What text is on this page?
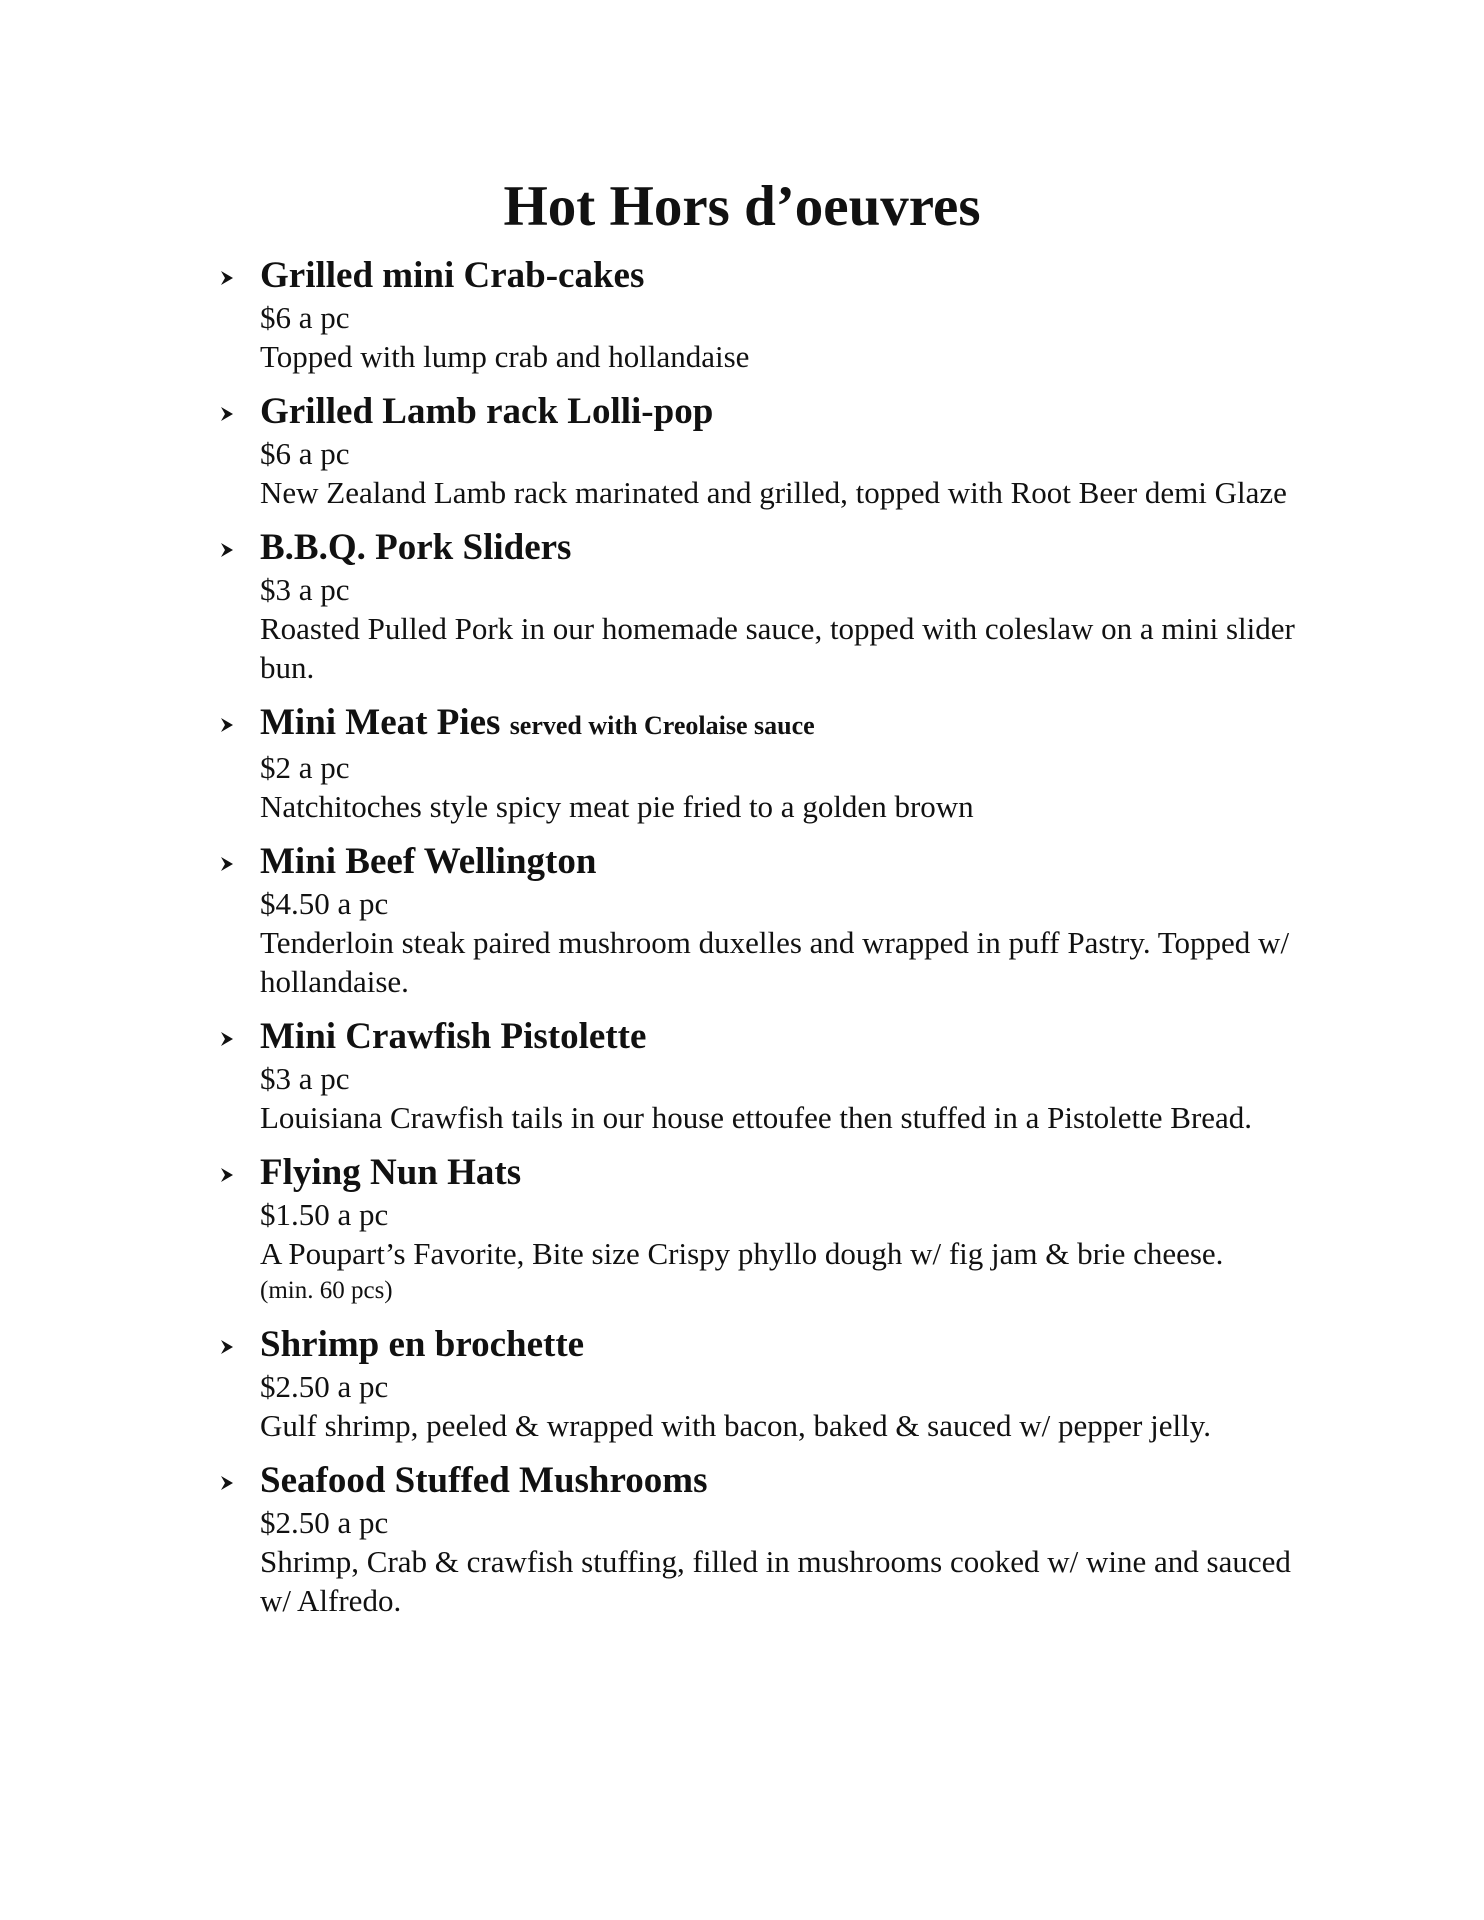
Hot Hors d’oeuvres

Grilled mini Crab-cakes

$6 a pc

Topped with lump crab and hollandaise

Grilled Lamb rack Lolli-pop

$6 a pc

New Zealand Lamb rack marinated and grilled, topped with Root Beer demi Glaze

B.B.Q. Pork Sliders

$3 a pc

Roasted Pulled Pork in our homemade sauce, topped with coleslaw on a mini slider bun.

Mini Meat Pies served with Creolaise sauce

$2 a pc

Natchitoches style spicy meat pie fried to a golden brown

Mini Beef Wellington

$4.50 a pc

Tenderloin steak paired mushroom duxelles and wrapped in puff Pastry. Topped w/ hollandaise.

Mini Crawfish Pistolette

$3 a pc

Louisiana Crawfish tails in our house ettoufee then stuffed in a Pistolette Bread.

Flying Nun Hats

$1.50 a pc

A Poupart’s Favorite, Bite size Crispy phyllo dough w/ fig jam & brie cheese.

(min. 60 pcs)

Shrimp en brochette

$2.50 a pc

Gulf shrimp, peeled & wrapped with bacon, baked & sauced w/ pepper jelly.

Seafood Stuffed Mushrooms

$2.50 a pc

Shrimp, Crab & crawfish stuffing, filled in mushrooms cooked w/ wine and sauced w/ Alfredo.
